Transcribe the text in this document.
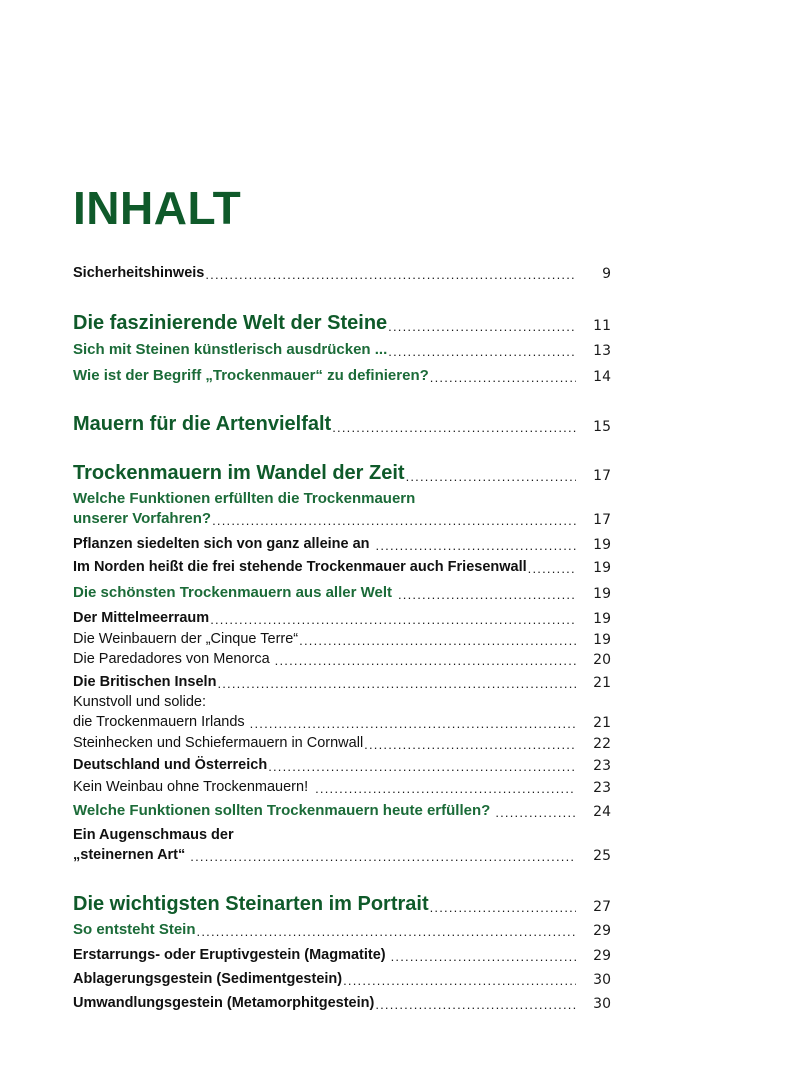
INHALT
Sicherheitshinweis .....	9
Die faszinierende Welt der Steine .....	11
Sich mit Steinen künstlerisch ausdrücken ... .....	13
Wie ist der Begriff „Trockenmauer“ zu definieren? .....	14
Mauern für die Artenvielfalt .....	15
Trockenmauern im Wandel der Zeit .....	17
Welche Funktionen erfüllten die Trockenmauern
unserer Vorfahren? .....	17
Pflanzen siedelten sich von ganz alleine an .....	19
Im Norden heißt die frei stehende Trockenmauer auch Friesenwall .....	19
Die schönsten Trockenmauern aus aller Welt .....	19
Der Mittelmeerraum .....	19
Die Weinbauern der „Cinque Terre“ .....	19
Die Paredadores von Menorca .....	20
Die Britischen Inseln .....	21
Kunstvoll und solide:
die Trockenmauern Irlands .....	21
Steinhecken und Schiefermauern in Cornwall .....	22
Deutschland und Österreich .....	23
Kein Weinbau ohne Trockenmauern! .....	23
Welche Funktionen sollten Trockenmauern heute erfüllen? .....	24
Ein Augenschmaus der
„steinernen Art“ .....	25
Die wichtigsten Steinarten im Portrait .....	27
So entsteht Stein .....	29
Erstarrungs- oder Eruptivgestein (Magmatite) .....	29
Ablagerungsgestein (Sedimentgestein) .....	30
Umwandlungsgestein (Metamorphitgestein) .....	30
